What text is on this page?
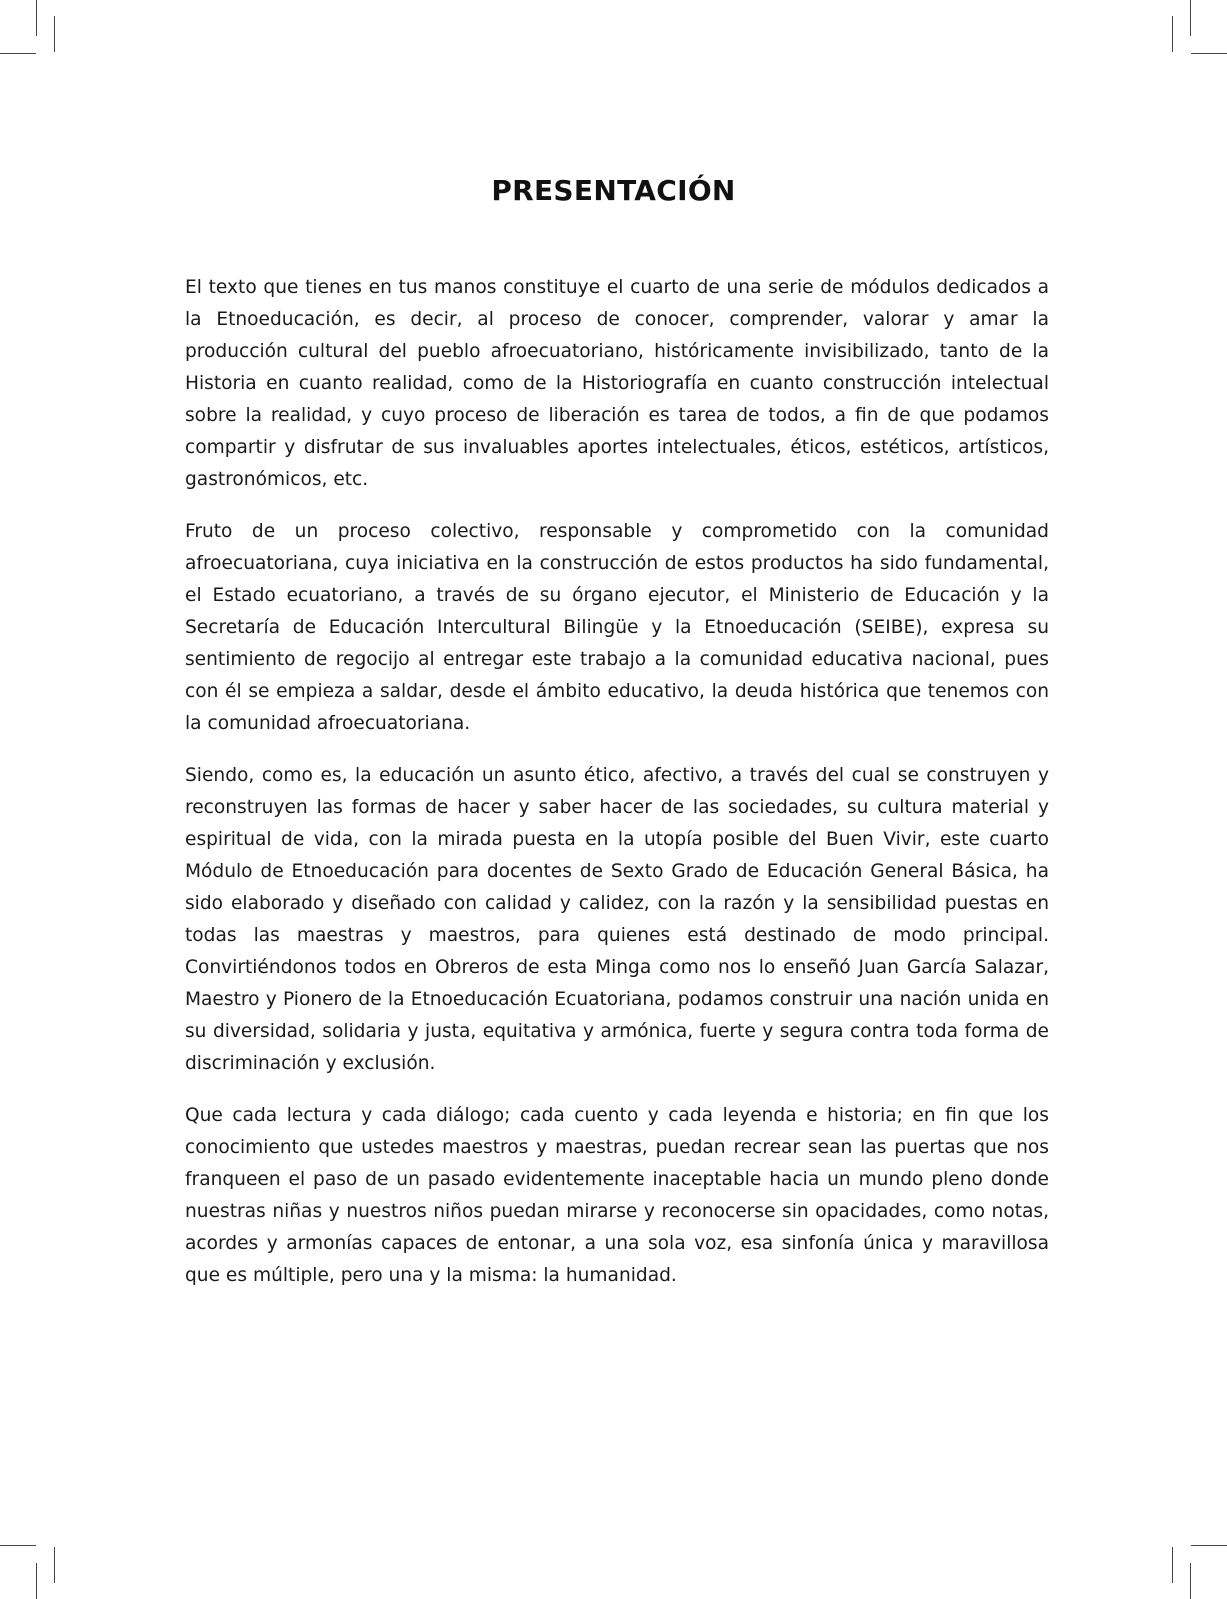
PRESENTACIÓN

El texto que tienes en tus manos constituye el cuarto de una serie de módulos dedicados a la Etnoeducación, es decir, al proceso de conocer, comprender, valorar y amar la producción cultural del pueblo afroecuatoriano, históricamente invisibilizado, tanto de la Historia en cuanto realidad, como de la Historiografía en cuanto construcción intelectual sobre la realidad, y cuyo proceso de liberación es tarea de todos, a fin de que podamos compartir y disfrutar de sus invaluables aportes intelectuales, éticos, estéticos, artísticos, gastronómicos, etc.

Fruto de un proceso colectivo, responsable y comprometido con la comunidad afroecuatoriana, cuya iniciativa en la construcción de estos productos ha sido fundamental, el Estado ecuatoriano, a través de su órgano ejecutor, el Ministerio de Educación y la Secretaría de Educación Intercultural Bilingüe y la Etnoeducación (SEIBE), expresa su sentimiento de regocijo al entregar este trabajo a la comunidad educativa nacional, pues con él se empieza a saldar, desde el ámbito educativo, la deuda histórica que tenemos con la comunidad afroecuatoriana.

Siendo, como es, la educación un asunto ético, afectivo, a través del cual se construyen y reconstruyen las formas de hacer y saber hacer de las sociedades, su cultura material y espiritual de vida, con la mirada puesta en la utopía posible del Buen Vivir, este cuarto Módulo de Etnoeducación para docentes de Sexto Grado de Educación General Básica, ha sido elaborado y diseñado con calidad y calidez, con la razón y la sensibilidad puestas en todas las maestras y maestros, para quienes está destinado de modo principal. Convirtiéndonos todos en Obreros de esta Minga como nos lo enseñó Juan García Salazar, Maestro y Pionero de la Etnoeducación Ecuatoriana, podamos construir una nación unida en su diversidad, solidaria y justa, equitativa y armónica, fuerte y segura contra toda forma de discriminación y exclusión.

Que cada lectura y cada diálogo; cada cuento y cada leyenda e historia; en fin que los conocimiento que ustedes maestros y maestras, puedan recrear sean las puertas que nos franqueen el paso de un pasado evidentemente inaceptable hacia un mundo pleno donde nuestras niñas y nuestros niños puedan mirarse y reconocerse sin opacidades, como notas, acordes y armonías capaces de entonar, a una sola voz, esa sinfonía única y maravillosa que es múltiple, pero una y la misma: la humanidad.
